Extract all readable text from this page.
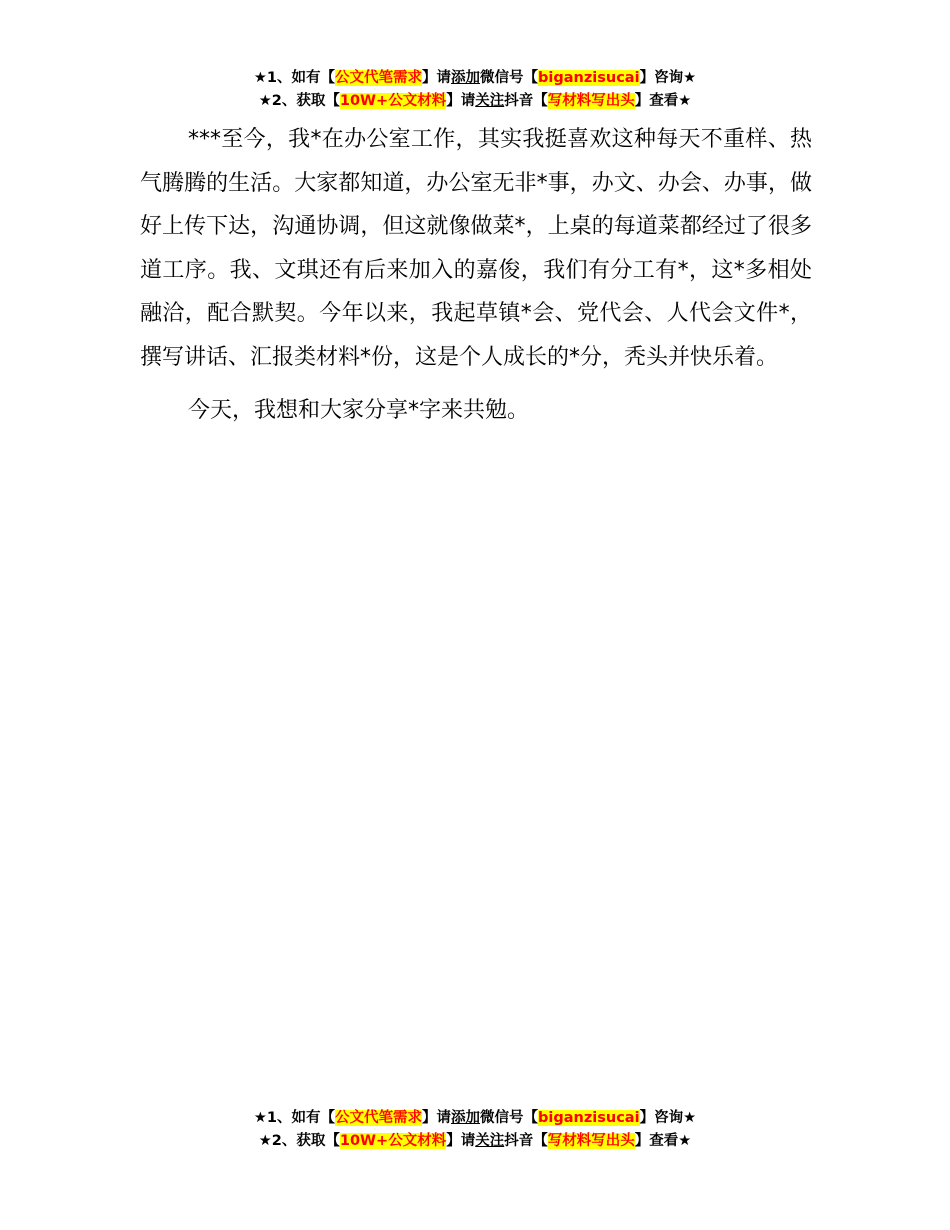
★1、如有【公文代笔需求】请添加微信号【biganzisucai】咨询★
★2、获取【10W+公文材料】请关注抖音【写材料写出头】查看★

***至今，我*在办公室工作，其实我挺喜欢这种每天不重样、热气腾腾的生活。大家都知道，办公室无非*事，办文、办会、办事，做好上传下达，沟通协调，但这就像做菜*，上桌的每道菜都经过了很多道工序。我、文琪还有后来加入的嘉俊，我们有分工有*，这*多相处融洽，配合默契。今年以来，我起草镇*会、党代会、人代会文件*，撰写讲话、汇报类材料*份，这是个人成长的*分，秃头并快乐着。

今天，我想和大家分享*字来共勉。

★1、如有【公文代笔需求】请添加微信号【biganzisucai】咨询★
★2、获取【10W+公文材料】请关注抖音【写材料写出头】查看★
